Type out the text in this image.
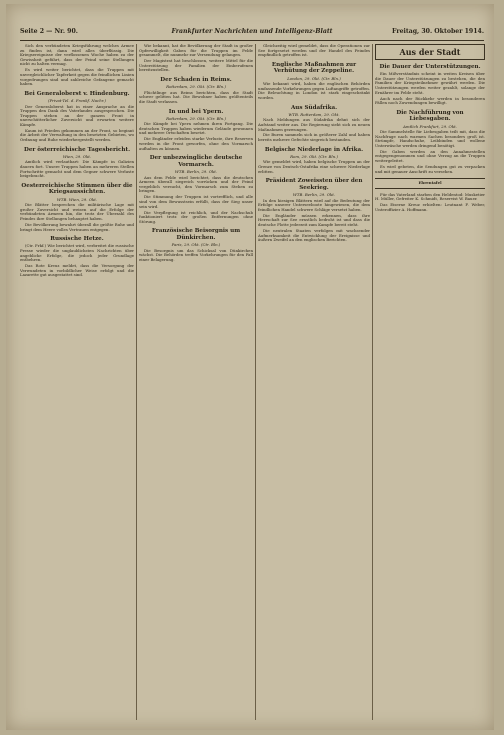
Seite 2 — Nr. 90.	Frankfurter Nachrichten und Intelligenz-Blatt	Freitag, 30. Oktober 1914.

Sich den verbündeten Kriegsführung welches Armee zu finden ist, dann wird alles überflüssig. Die Kriegsereignisse der verflossenen Woche haben zu der Gewissheit geführt, dass der Feind seine Stellungen nicht zu halten vermag.

Es wird weiter berichtet, dass die Truppen mit unvergleichlicher Tapferkeit gegen die feindlichen Linien vorgedrungen sind und zahlreiche Gefangene gemacht haben.

Bei Generaloberst v. Hindenburg.
(Privat-Tel. d. Frankf. Nachr.)

Der Generaloberst hat in einer Ansprache an die Truppen den Dank des Vaterlandes ausgesprochen. Die Truppen stehen an der ganzen Front in unerschütterlicher Zuversicht und erwarten weitere Kämpfe.

Kaum ist Frieden gekommen an der Front, so beginnt die Arbeit der Verwaltung in den besetzten Gebieten, wo Ordnung und Ruhe wiederhergestellt werden.

Der österreichische Tagesbericht.
Wien, 29. Okt.

Amtlich wird verlautbart: Die Kämpfe in Galizien dauern fort. Unsere Truppen haben an mehreren Stellen Fortschritte gemacht und dem Gegner schwere Verluste beigebracht.

Oesterreichische Stimmen über die Kriegsaussichten.
WTB. Wien, 29. Okt.

Die Blätter besprechen die militärische Lage mit großer Zuversicht und weisen auf die Erfolge der verbündeten Armeen hin, die trotz der Überzahl des Feindes ihre Stellungen behauptet haben.

Die Bevölkerung bewahrt überall die größte Ruhe und bringt dem Heere volles Vertrauen entgegen.

Russische Hetze.

(Ctr. Frkf.) Wie berichtet wird, verbreitet die russische Presse wieder die unglaublichsten Nachrichten über angebliche Erfolge, die jedoch jeder Grundlage entbehren.

Das Rote Kreuz meldet, dass die Versorgung der Verwundeten in vorbildlicher Weise erfolgt und die Lazarette gut ausgestattet sind.

Wie bekannt, hat die Bevölkerung der Stadt in großer Opferwilligkeit Gaben für die Truppen im Felde gesammelt, die nunmehr zur Versendung gelangen.

Der Magistrat hat beschlossen, weitere Mittel für die Unterstützung der Familien der Einberufenen bereitzustellen.

Der Schaden in Reims.
Rotterdam, 29. Okt. (Ctr. Bln.)

Flüchtlinge aus Reims berichten, dass die Stadt schwer gelitten hat. Die Bewohner haben größtenteils die Stadt verlassen.

In und bei Ypern.
Rotterdam, 29. Okt. (Ctr. Bln.)

Die Kämpfe bei Ypern nehmen ihren Fortgang. Die deutschen Truppen haben wiederum Gelände gewonnen und mehrere Ortschaften besetzt.

Die Engländer erleiden starke Verluste, ihre Reserven werden in die Front geworfen, ohne den Vormarsch aufhalten zu können.

Der unbezwingliche deutsche Vormarsch.
WTB. Berlin, 29. Okt.

Aus dem Felde wird berichtet, dass die deutschen Armeen überall siegreich vorrücken und der Feind vergeblich versucht, den Vormarsch zum Stehen zu bringen.

Die Stimmung der Truppen ist vortrefflich, und alle sind von dem Bewusstsein erfüllt, dass der Sieg unser sein wird.

Die Verpflegung ist reichlich, und der Nachschub funktioniert trotz der großen Entfernungen ohne Störung.

Französische Beisorgnis um Dünkirchen.
Paris, 29. Okt. (Ctr. Bln.)

Die Besorgnis um das Schicksal von Dünkirchen wächst. Die Behörden treffen Vorkehrungen für den Fall einer Belagerung.

Gleichzeitig wird gemeldet, dass die Operationen zur See fortgesetzt werden und der Handel des Feindes empfindlich getroffen ist.

Englische Maßnahmen zur Verhütung der Zeppeline.
London, 29. Okt. (Ctr. Bln.)

Wie bekannt wird, haben die englischen Behörden umfassende Vorkehrungen gegen Luftangriffe getroffen. Die Beleuchtung in London ist stark eingeschränkt worden.

Aus Südafrika.
WTB. Rotterdam, 29. Okt.

Nach Meldungen aus Südafrika dehnt sich der Aufstand weiter aus. Die Regierung sieht sich zu neuen Maßnahmen gezwungen.

Die Buren sammeln sich in größerer Zahl und haben bereits mehrere Gefechte siegreich bestanden.

Belgische Niederlage in Afrika.
Rom, 29. Okt. (Ctr. Bln.)

Wie gemeldet wird, haben belgische Truppen an der Grenze von Deutsch-Ostafrika eine schwere Niederlage erlitten.

Präsident Zoweissten über den Seekrieg.
WTB. Berlin, 29. Okt.

In den hiesigen Blättern wird auf die Bedeutung der Erfolge unserer Unterseeboote hingewiesen, die dem feindlichen Handel schwere Schläge versetzt haben.

Die Engländer müssen erkennen, dass ihre Herrschaft zur See ernstlich bedroht ist und dass die deutsche Flotte jederzeit zum Kampfe bereit steht.

Die neutralen Staaten verfolgen mit wachsender Aufmerksamkeit die Entwicklung der Ereignisse und äußern Zweifel an den englischen Berichten.

Aus der Stadt
Die Dauer der Unterstützungen.

Ein Mißverständnis scheint in weiten Kreisen über die Dauer der Unterstützungen zu bestehen, die den Familien der Kriegsteilnehmer gewährt werden. Die Unterstützungen werden weiter gezahlt, solange der Ernährer im Felde steht.

Auch nach der Rückkehr werden in besonderen Fällen noch Zuwendungen bewilligt.

Die Nachführung von Liebesgaben.
Amtlich Frankfurt, 29. Okt.

Die Sammelstelle für Liebesgaben teilt mit, dass die Nachfrage nach warmen Sachen besonders groß ist. Strümpfe, Handschuhe, Leibbinden und wollene Unterwäsche werden dringend benötigt.

Die Gaben werden an den Annahmestellen entgegengenommen und ohne Verzug an die Truppen weitergeleitet.

Es wird gebeten, die Sendungen gut zu verpacken und mit genauer Anschrift zu versehen.

Ehrentafel

Für das Vaterland starben den Heldentod: Musketier H. Müller, Gefreiter K. Schmidt, Reservist W. Bauer.

Das Eiserne Kreuz erhielten: Leutnant F. Weber, Unteroffizier A. Hoffmann.
